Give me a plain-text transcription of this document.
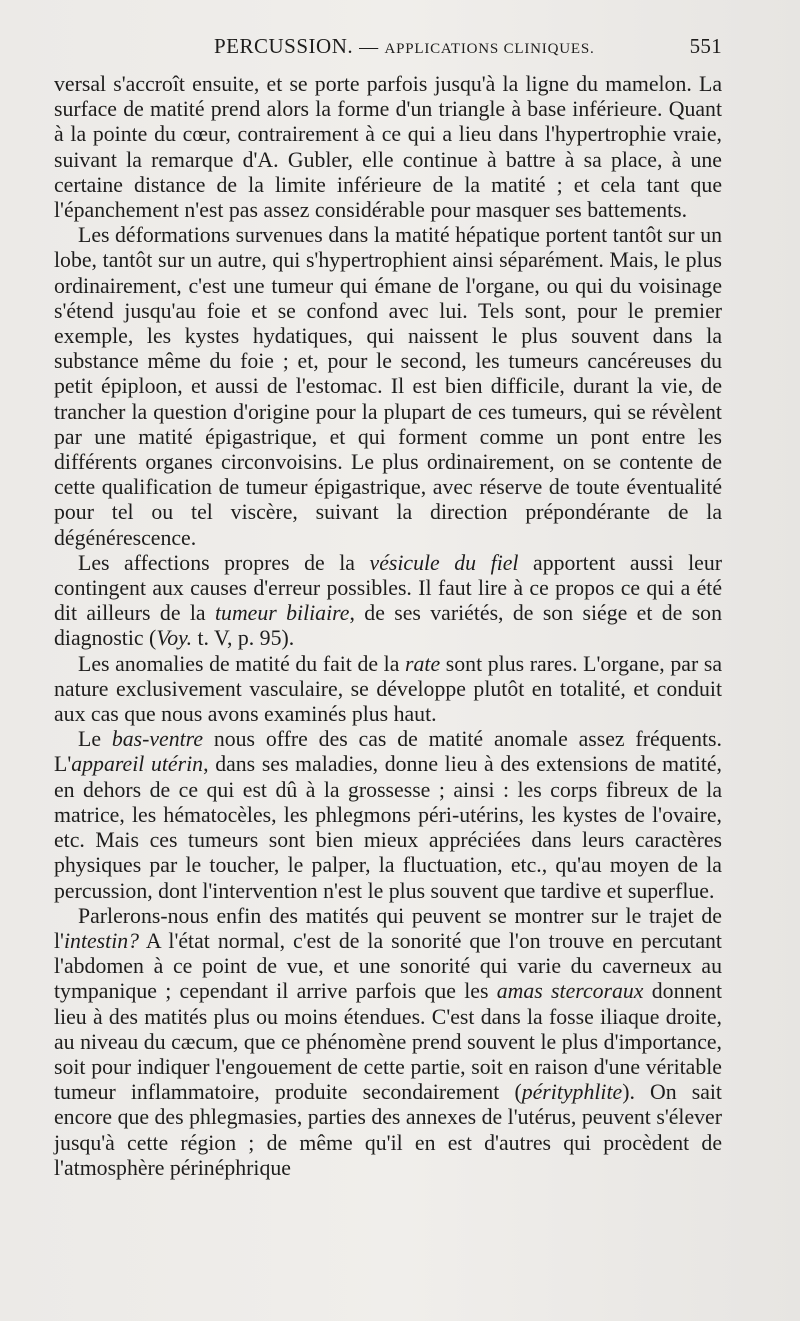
PERCUSSION. — APPLICATIONS CLINIQUES.	551

versal s'accroît ensuite, et se porte parfois jusqu'à la ligne du mamelon. La surface de matité prend alors la forme d'un triangle à base inférieure. Quant à la pointe du cœur, contrairement à ce qui a lieu dans l'hypertrophie vraie, suivant la remarque d'A. Gubler, elle continue à battre à sa place, à une certaine distance de la limite inférieure de la matité ; et cela tant que l'épanchement n'est pas assez considérable pour masquer ses battements.

Les déformations survenues dans la matité hépatique portent tantôt sur un lobe, tantôt sur un autre, qui s'hypertrophient ainsi séparément. Mais, le plus ordinairement, c'est une tumeur qui émane de l'organe, ou qui du voisinage s'étend jusqu'au foie et se confond avec lui. Tels sont, pour le premier exemple, les kystes hydatiques, qui naissent le plus souvent dans la substance même du foie ; et, pour le second, les tumeurs cancéreuses du petit épiploon, et aussi de l'estomac. Il est bien difficile, durant la vie, de trancher la question d'origine pour la plupart de ces tumeurs, qui se révèlent par une matité épigastrique, et qui forment comme un pont entre les différents organes circonvoisins. Le plus ordinairement, on se contente de cette qualification de tumeur épigastrique, avec réserve de toute éventualité pour tel ou tel viscère, suivant la direction prépondérante de la dégénérescence.

Les affections propres de la vésicule du fiel apportent aussi leur contingent aux causes d'erreur possibles. Il faut lire à ce propos ce qui a été dit ailleurs de la tumeur biliaire, de ses variétés, de son siége et de son diagnostic (Voy. t. V, p. 95).

Les anomalies de matité du fait de la rate sont plus rares. L'organe, par sa nature exclusivement vasculaire, se développe plutôt en totalité, et conduit aux cas que nous avons examinés plus haut.

Le bas-ventre nous offre des cas de matité anomale assez fréquents. L'appareil utérin, dans ses maladies, donne lieu à des extensions de matité, en dehors de ce qui est dû à la grossesse ; ainsi : les corps fibreux de la matrice, les hématocèles, les phlegmons péri-utérins, les kystes de l'ovaire, etc. Mais ces tumeurs sont bien mieux appréciées dans leurs caractères physiques par le toucher, le palper, la fluctuation, etc., qu'au moyen de la percussion, dont l'intervention n'est le plus souvent que tardive et superflue.

Parlerons-nous enfin des matités qui peuvent se montrer sur le trajet de l'intestin? A l'état normal, c'est de la sonorité que l'on trouve en percutant l'abdomen à ce point de vue, et une sonorité qui varie du caverneux au tympanique ; cependant il arrive parfois que les amas stercoraux donnent lieu à des matités plus ou moins étendues. C'est dans la fosse iliaque droite, au niveau du cæcum, que ce phénomène prend souvent le plus d'importance, soit pour indiquer l'engouement de cette partie, soit en raison d'une véritable tumeur inflammatoire, produite secondairement (pérityphlite). On sait encore que des phlegmasies, parties des annexes de l'utérus, peuvent s'élever jusqu'à cette région ; de même qu'il en est d'autres qui procèdent de l'atmosphère périnéphrique
